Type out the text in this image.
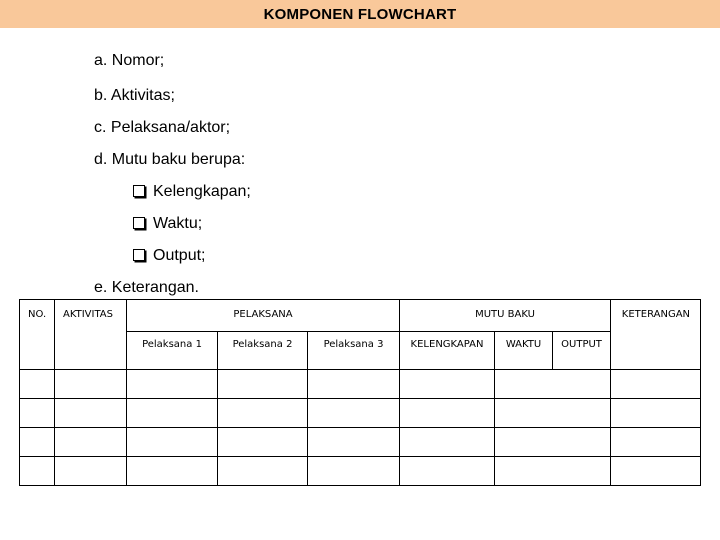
KOMPONEN FLOWCHART
a. Nomor;
b. Aktivitas;
c. Pelaksana/aktor;
d. Mutu baku berupa:
Kelengkapan;
Waktu;
Output;
NO.	AKTIVITAS	PELAKSANA			MUTU BAKU			KETERANGAN
		Pelaksana 1	Pelaksana 2	Pelaksana 3	KELENGKAPAN	WAKTU	OUTPUT	

e. Keterangan.
